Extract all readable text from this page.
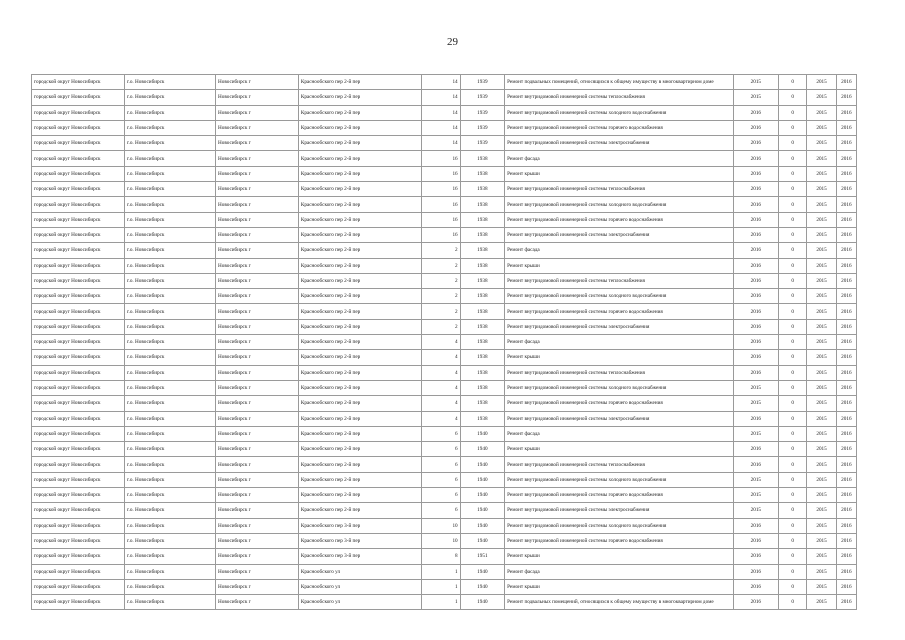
29
городской округ Новосибирск	г.о. Новосибирск	Новосибирск г	Краснообского пер 2-й пер	14	1939	Ремонт подвальных помещений, относящихся к общему имуществу в многоквартирном доме	2015	0	2015	2016
городской округ Новосибирск	г.о. Новосибирск	Новосибирск г	Краснообского пер 2-й пер	14	1939	Ремонт внутридомовой инженерной системы теплоснабжения	2015	0	2015	2016
городской округ Новосибирск	г.о. Новосибирск	Новосибирск г	Краснообского пер 2-й пер	14	1939	Ремонт внутридомовой инженерной системы холодного водоснабжения	2016	0	2015	2016
городской округ Новосибирск	г.о. Новосибирск	Новосибирск г	Краснообского пер 2-й пер	14	1939	Ремонт внутридомовой инженерной системы горячего водоснабжения	2016	0	2015	2016
городской округ Новосибирск	г.о. Новосибирск	Новосибирск г	Краснообского пер 2-й пер	14	1939	Ремонт внутридомовой инженерной системы электроснабжения	2016	0	2015	2016
городской округ Новосибирск	г.о. Новосибирск	Новосибирск г	Краснообского пер 2-й пер	16	1938	Ремонт фасада	2016	0	2015	2016
городской округ Новосибирск	г.о. Новосибирск	Новосибирск г	Краснообского пер 2-й пер	16	1938	Ремонт крыши	2016	0	2015	2016
городской округ Новосибирск	г.о. Новосибирск	Новосибирск г	Краснообского пер 2-й пер	16	1938	Ремонт внутридомовой инженерной системы теплоснабжения	2016	0	2015	2016
городской округ Новосибирск	г.о. Новосибирск	Новосибирск г	Краснообского пер 2-й пер	16	1938	Ремонт внутридомовой инженерной системы холодного водоснабжения	2016	0	2015	2016
городской округ Новосибирск	г.о. Новосибирск	Новосибирск г	Краснообского пер 2-й пер	16	1938	Ремонт внутридомовой инженерной системы горячего водоснабжения	2016	0	2015	2016
городской округ Новосибирск	г.о. Новосибирск	Новосибирск г	Краснообского пер 2-й пер	16	1938	Ремонт внутридомовой инженерной системы электроснабжения	2016	0	2015	2016
городской округ Новосибирск	г.о. Новосибирск	Новосибирск г	Краснообского пер 2-й пер	2	1938	Ремонт фасада	2016	0	2015	2016
городской округ Новосибирск	г.о. Новосибирск	Новосибирск г	Краснообского пер 2-й пер	2	1938	Ремонт крыши	2016	0	2015	2016
городской округ Новосибирск	г.о. Новосибирск	Новосибирск г	Краснообского пер 2-й пер	2	1938	Ремонт внутридомовой инженерной системы теплоснабжения	2016	0	2015	2016
городской округ Новосибирск	г.о. Новосибирск	Новосибирск г	Краснообского пер 2-й пер	2	1938	Ремонт внутридомовой инженерной системы холодного водоснабжения	2016	0	2015	2016
городской округ Новосибирск	г.о. Новосибирск	Новосибирск г	Краснообского пер 2-й пер	2	1938	Ремонт внутридомовой инженерной системы горячего водоснабжения	2016	0	2015	2016
городской округ Новосибирск	г.о. Новосибирск	Новосибирск г	Краснообского пер 2-й пер	2	1938	Ремонт внутридомовой инженерной системы электроснабжения	2016	0	2015	2016
городской округ Новосибирск	г.о. Новосибирск	Новосибирск г	Краснообского пер 2-й пер	4	1938	Ремонт фасада	2016	0	2015	2016
городской округ Новосибирск	г.о. Новосибирск	Новосибирск г	Краснообского пер 2-й пер	4	1938	Ремонт крыши	2016	0	2015	2016
городской округ Новосибирск	г.о. Новосибирск	Новосибирск г	Краснообского пер 2-й пер	4	1938	Ремонт внутридомовой инженерной системы теплоснабжения	2016	0	2015	2016
городской округ Новосибирск	г.о. Новосибирск	Новосибирск г	Краснообского пер 2-й пер	4	1938	Ремонт внутридомовой инженерной системы холодного водоснабжения	2015	0	2015	2016
городской округ Новосибирск	г.о. Новосибирск	Новосибирск г	Краснообского пер 2-й пер	4	1938	Ремонт внутридомовой инженерной системы горячего водоснабжения	2015	0	2015	2016
городской округ Новосибирск	г.о. Новосибирск	Новосибирск г	Краснообского пер 2-й пер	4	1938	Ремонт внутридомовой инженерной системы электроснабжения	2016	0	2015	2016
городской округ Новосибирск	г.о. Новосибирск	Новосибирск г	Краснообского пер 2-й пер	6	1940	Ремонт фасада	2015	0	2015	2016
городской округ Новосибирск	г.о. Новосибирск	Новосибирск г	Краснообского пер 2-й пер	6	1940	Ремонт крыши	2016	0	2015	2016
городской округ Новосибирск	г.о. Новосибирск	Новосибирск г	Краснообского пер 2-й пер	6	1940	Ремонт внутридомовой инженерной системы теплоснабжения	2016	0	2015	2016
городской округ Новосибирск	г.о. Новосибирск	Новосибирск г	Краснообского пер 2-й пер	6	1940	Ремонт внутридомовой инженерной системы холодного водоснабжения	2015	0	2015	2016
городской округ Новосибирск	г.о. Новосибирск	Новосибирск г	Краснообского пер 2-й пер	6	1940	Ремонт внутридомовой инженерной системы горячего водоснабжения	2015	0	2015	2016
городской округ Новосибирск	г.о. Новосибирск	Новосибирск г	Краснообского пер 2-й пер	6	1940	Ремонт внутридомовой инженерной системы электроснабжения	2015	0	2015	2016
городской округ Новосибирск	г.о. Новосибирск	Новосибирск г	Краснообского пер 3-й пер	10	1940	Ремонт внутридомовой инженерной системы холодного водоснабжения	2016	0	2015	2016
городской округ Новосибирск	г.о. Новосибирск	Новосибирск г	Краснообского пер 3-й пер	10	1940	Ремонт внутридомовой инженерной системы горячего водоснабжения	2016	0	2015	2016
городской округ Новосибирск	г.о. Новосибирск	Новосибирск г	Краснообского пер 3-й пер	8	1951	Ремонт крыши	2016	0	2015	2016
городской округ Новосибирск	г.о. Новосибирск	Новосибирск г	Краснообского ул	1	1940	Ремонт фасада	2016	0	2015	2016
городской округ Новосибирск	г.о. Новосибирск	Новосибирск г	Краснообского ул	1	1940	Ремонт крыши	2016	0	2015	2016
городской округ Новосибирск	г.о. Новосибирск	Новосибирск г	Краснообского ул	1	1940	Ремонт подвальных помещений, относящихся к общему имуществу в многоквартирном доме	2016	0	2015	2016
